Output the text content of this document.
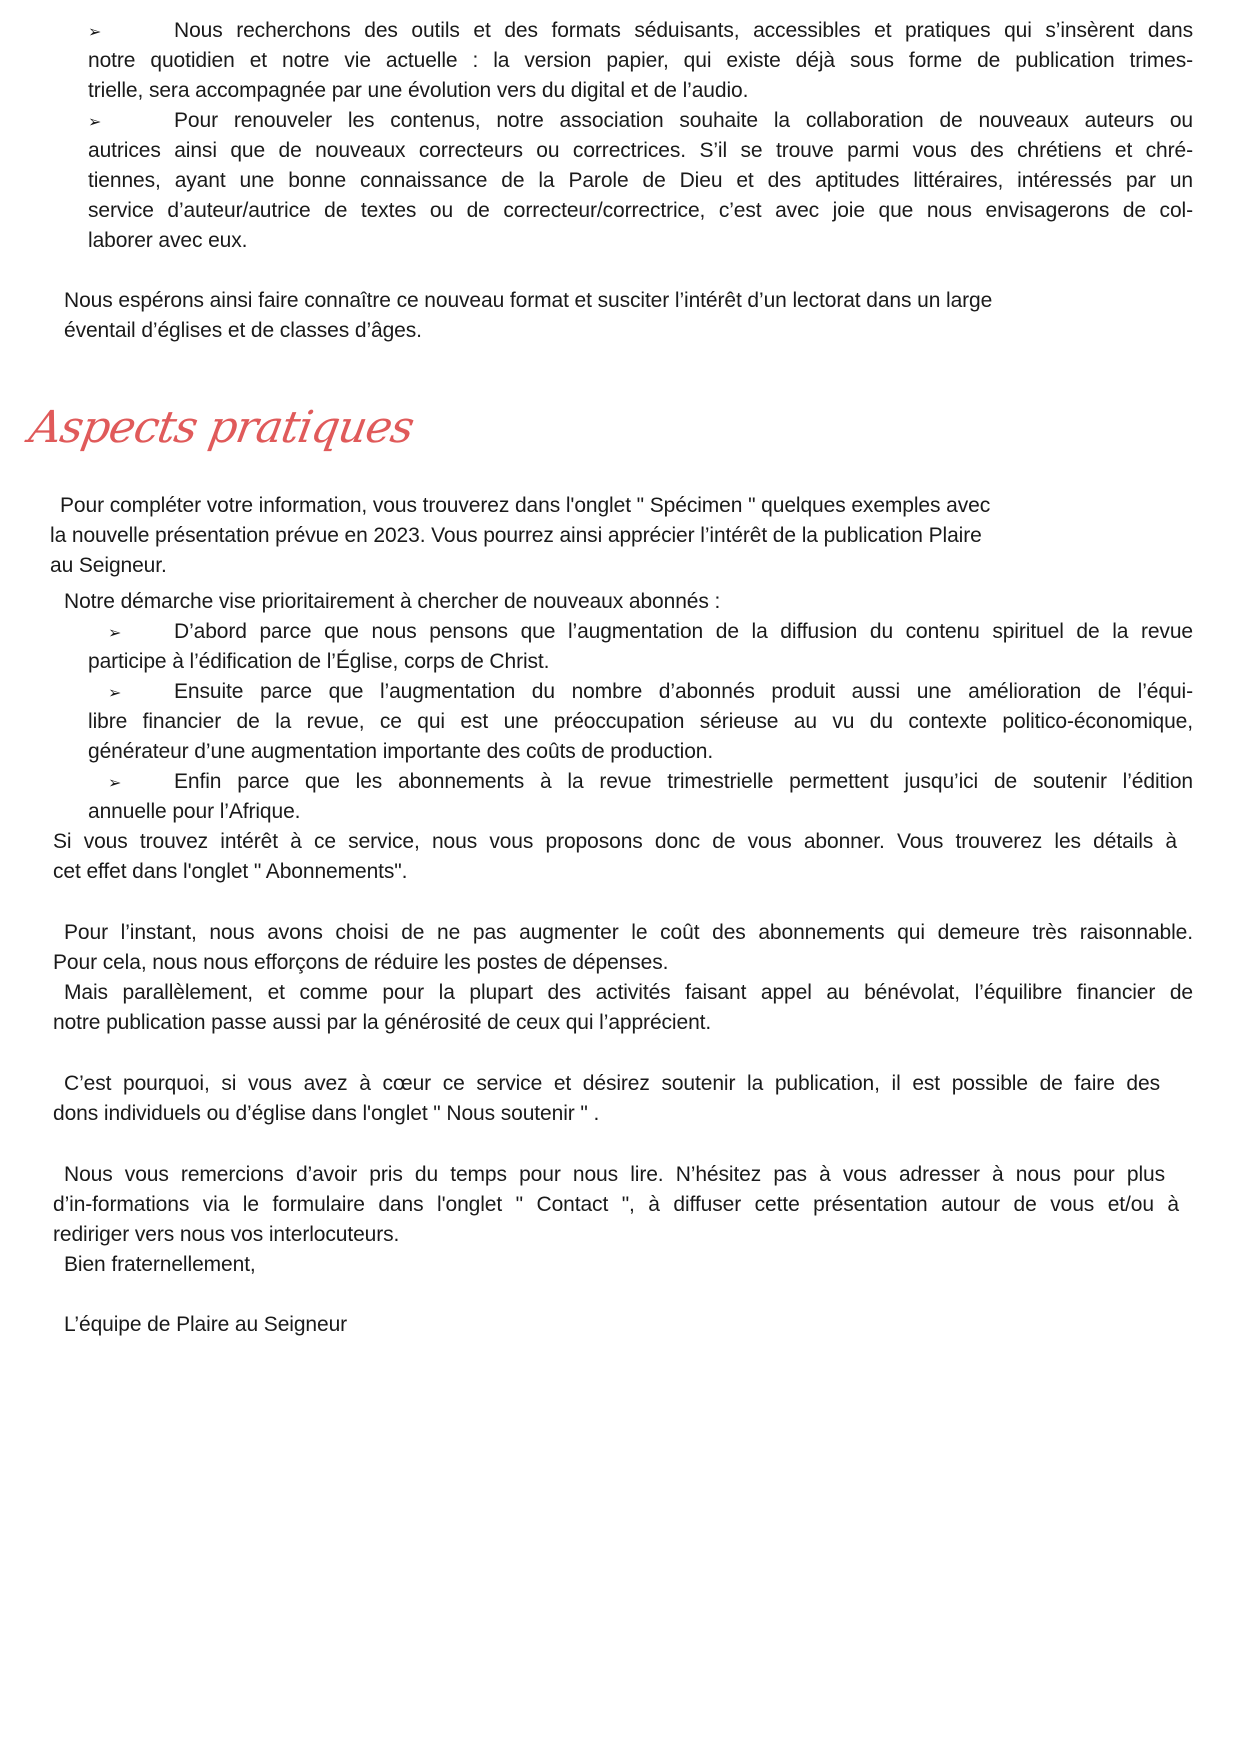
➢	Nous recherchons des outils et des formats séduisants, accessibles et pratiques qui s’insèrent dans
notre quotidien et notre vie actuelle : la version papier, qui existe déjà sous forme de publication trimes-
trielle, sera accompagnée par une évolution vers du digital et de l’audio.
➢	Pour renouveler les contenus, notre association souhaite la collaboration de nouveaux auteurs ou
autrices ainsi que de nouveaux correcteurs ou correctrices. S’il se trouve parmi vous des chrétiens et chré-
tiennes, ayant une bonne connaissance de la Parole de Dieu et des aptitudes littéraires, intéressés par un
service d’auteur/autrice de textes ou de correcteur/correctrice, c’est avec joie que nous envisagerons de col-
laborer avec eux.
Nous espérons ainsi faire connaître ce nouveau format et susciter l’intérêt d’un lectorat dans un large
éventail d’églises et de classes d’âges.
Aspects pratiques
Pour compléter votre information, vous trouverez dans l'onglet " Spécimen " quelques exemples avec
la nouvelle présentation prévue en 2023. Vous pourrez ainsi apprécier l’intérêt de la publication Plaire
au Seigneur.
Notre démarche vise prioritairement à chercher de nouveaux abonnés :
➢	D’abord parce que nous pensons que l’augmentation de la diffusion du contenu spirituel de la revue
participe à l’édification de l’Église, corps de Christ.
➢	Ensuite parce que l’augmentation du nombre d’abonnés produit aussi une amélioration de l’équi-
libre financier de la revue, ce qui est une préoccupation sérieuse au vu du contexte politico-économique,
générateur d’une augmentation importante des coûts de production.
➢	Enfin parce que les abonnements à la revue trimestrielle permettent jusqu’ici de soutenir l’édition
annuelle pour l’Afrique.
Si vous trouvez intérêt à ce service, nous vous proposons donc de vous abonner. Vous trouverez les détails à
cet effet dans l'onglet " Abonnements".
Pour l’instant, nous avons choisi de ne pas augmenter le coût des abonnements qui demeure très raisonnable.
Pour cela, nous nous efforçons de réduire les postes de dépenses.
Mais parallèlement, et comme pour la plupart des activités faisant appel au bénévolat, l’équilibre financier de
notre publication passe aussi par la générosité de ceux qui l’apprécient.
C’est pourquoi, si vous avez à cœur ce service et désirez soutenir la publication, il est possible de faire des
dons individuels ou d’église dans l'onglet " Nous soutenir " .
Nous vous remercions d’avoir pris du temps pour nous lire. N’hésitez pas à vous adresser à nous pour plus
d’in-formations via le formulaire dans l'onglet " Contact ", à diffuser cette présentation autour de vous et/ou à
rediriger vers nous vos interlocuteurs.
Bien fraternellement,
L’équipe de Plaire au Seigneur
